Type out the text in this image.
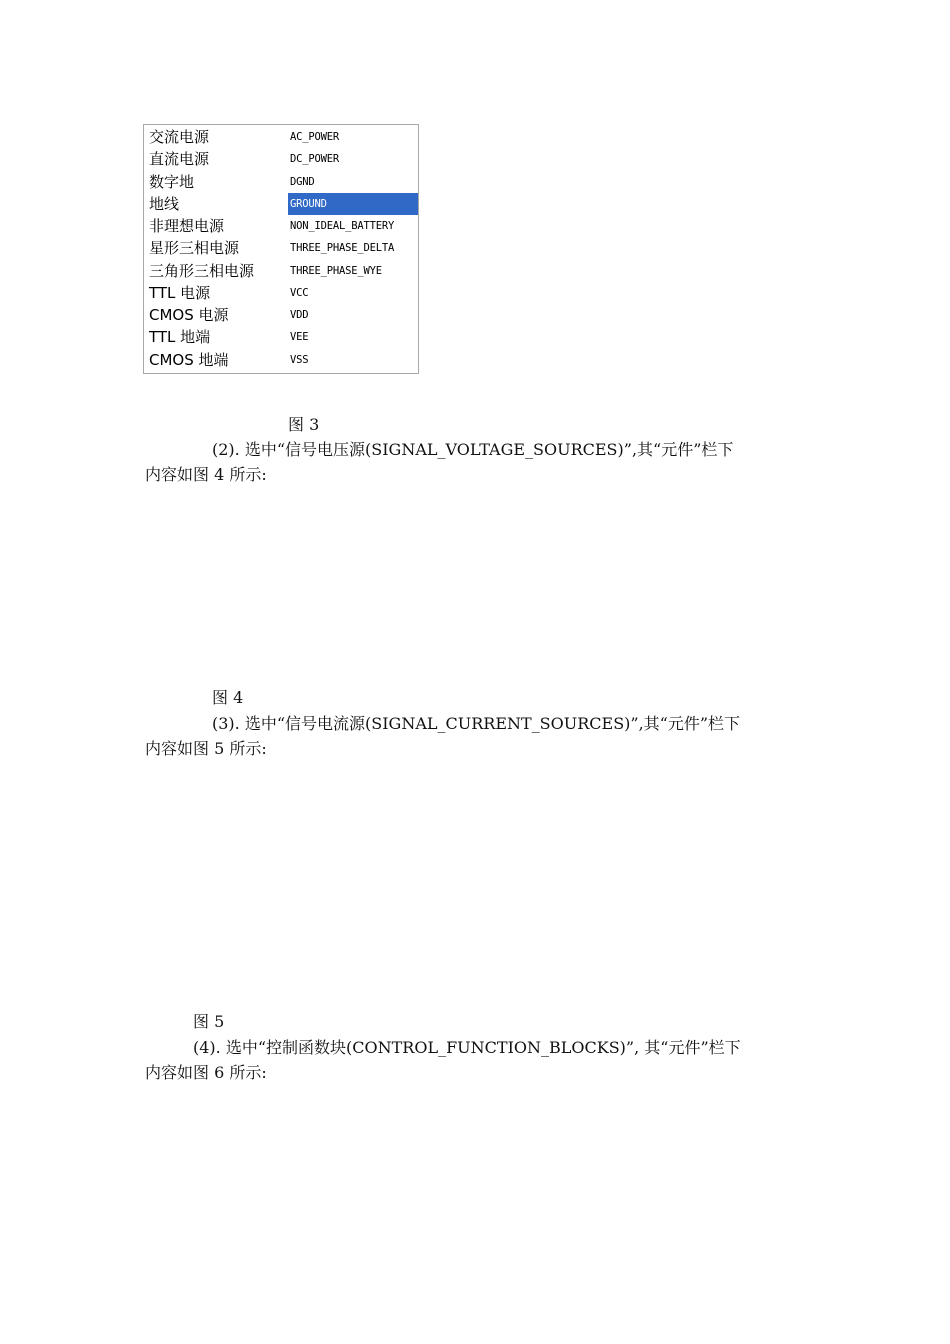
交流电源	AC_POWER
直流电源	DC_POWER
数字地	DGND
地线	GROUND
非理想电源	NON_IDEAL_BATTERY
星形三相电源	THREE_PHASE_DELTA
三角形三相电源	THREE_PHASE_WYE
TTL 电源	VCC
CMOS 电源	VDD
TTL 地端	VEE
CMOS 地端	VSS
图 3
(2). 选中“信号电压源(SIGNAL_VOLTAGE_SOURCES)”,其“元件”栏下
内容如图 4 所示:
图 4
(3). 选中“信号电流源(SIGNAL_CURRENT_SOURCES)”,其“元件”栏下
内容如图 5 所示:
图 5
(4). 选中“控制函数块(CONTROL_FUNCTION_BLOCKS)”, 其“元件”栏下
内容如图 6 所示:
